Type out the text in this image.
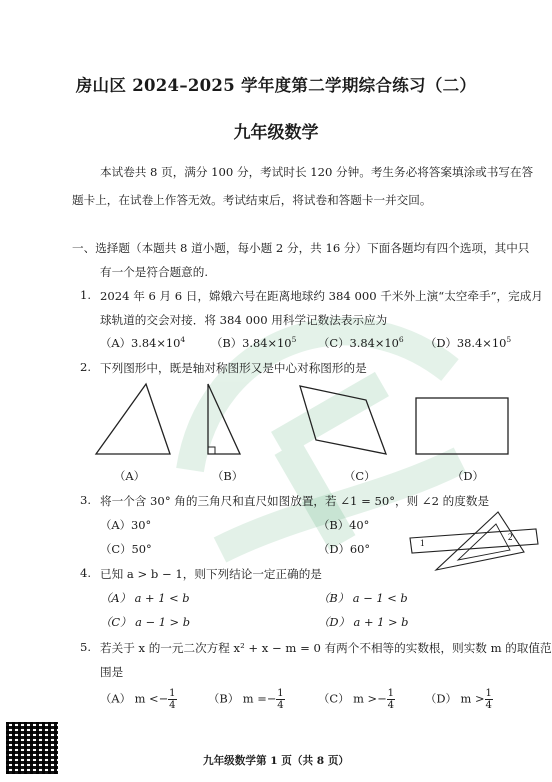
房山区 2024–2025 学年度第二学期综合练习（二）
九年级数学
本试卷共 8 页，满分 100 分，考试时长 120 分钟。考生务必将答案填涂或书写在答
题卡上，在试卷上作答无效。考试结束后，将试卷和答题卡一并交回。
一、选择题（本题共 8 道小题，每小题 2 分，共 16 分）下面各题均有四个选项，其中只
有一个是符合题意的.
1. 2024 年 6 月 6 日，嫦娥六号在距离地球约 384 000 千米外上演“太空牵手”，完成月
球轨道的交会对接．将 384 000 用科学记数法表示应为
$(A)3.84\times 10^4$ $(B)3.84\times 10^5$ $(C)3.84\times 10^6$ $(D)38.4\times 10^5$
2. 下列图形中，既是轴对称图形又是中心对称图形的是
（A）	（B）	（C）	（D）
3. 将一个含 30° 角的三角尺和直尺如图放置，若 ∠1 = 50°，则 ∠2 的度数是
（A）30°	（B）40°
（C）50°	（D）60°	1
2
4. 已知 a > b − 1，则下列结论一定正确的是
（A） a + 1 < b	（B） a − 1 < b
（C） a − 1 > b	（D） a + 1 > b
5. 若关于 x 的一元二次方程 x² + x − m = 0 有两个不相等的实数根，则实数 m 的取值范
围是
（A） $m <- \frac{1}{4}$	（B） $m =- \frac{1}{4}$	（C） $m >- \frac{1}{4}$	（D） $m > \frac{1}{4}$
九年级数学第 1 页（共 8 页）
